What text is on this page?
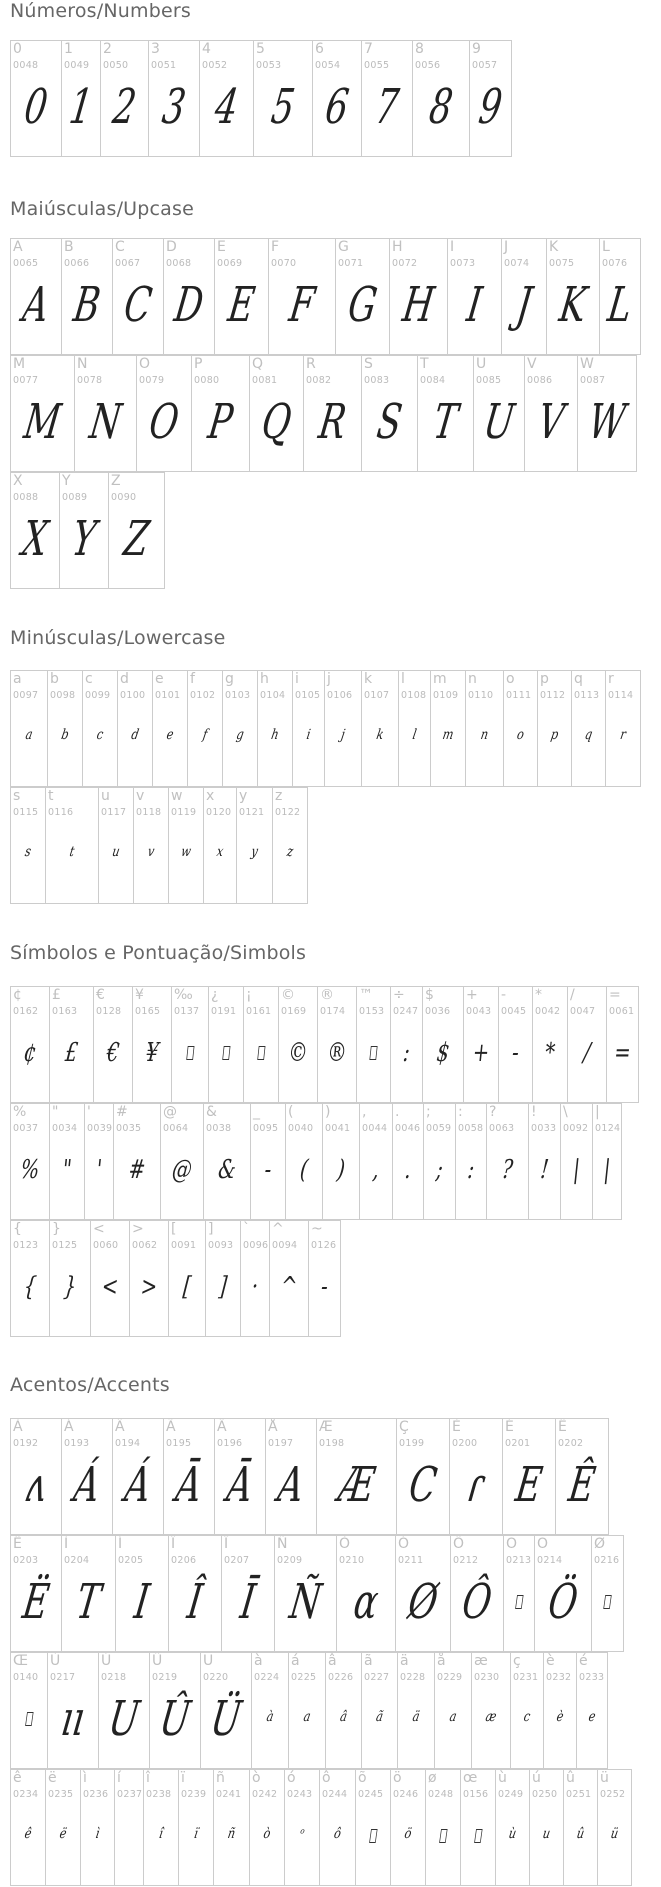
Números/Numbers
0
0048
0
1
0049
1
2
0050
2
3
0051
3
4
0052
4
5
0053
5
6
0054
6
7
0055
7
8
0056
8
9
0057
9
Maiúsculas/Upcase
A
0065
A
B
0066
B
C
0067
C
D
0068
D
E
0069
E
F
0070
F
G
0071
G
H
0072
H
I
0073
I
J
0074
J
K
0075
K
L
0076
L
M
0077
M
N
0078
N
O
0079
O
P
0080
P
Q
0081
Q
R
0082
R
S
0083
S
T
0084
T
U
0085
U
V
0086
V
W
0087
W
X
0088
X
Y
0089
Y
Z
0090
Z
Minúsculas/Lowercase
a
0097
a
b
0098
b
c
0099
c
d
0100
d
e
0101
e
f
0102
f
g
0103
g
h
0104
h
i
0105
i
j
0106
j
k
0107
k
l
0108
l
m
0109
m
n
0110
n
o
0111
o
p
0112
p
q
0113
q
r
0114
r
s
0115
s
t
0116
t
u
0117
u
v
0118
v
w
0119
w
x
0120
x
y
0121
y
z
0122
z
Símbolos e Pontuação/Simbols
¢
0162
¢
£
0163
£
€
0128
€
¥
0165
¥
‰
0137
¿
0191
¡
0161
©
0169
©
®
0174
®
™
0153
÷
0247
:
$
0036
$
+
0043
+
-
0045
-
*
0042
*
/
0047
/
=
0061
=
%
0037
%
"
0034
"
'
0039
'
#
0035
#
@
0064
@
&
0038
&
_
0095
-
(
0040
(
)
0041
)
,
0044
,
.
0046
.
;
0059
;
:
0058
:
?
0063
?
!
0033
!
\
0092
|
|
0124
|
{
0123
{
}
0125
}
<
0060
<
>
0062
>
[
0091
[
]
0093
]
`
0096
·
^
0094
^
~
0126
-
Acentos/Accents
À
0192
ʌ
Á
0193
Á
Â
0194
Á
Ã
0195
Ā
Ä
0196
Ā
Å
0197
A
Æ
0198
Æ
Ç
0199
C
È
0200
ɾ
É
0201
E
Ê
0202
Ê
Ë
0203
Ë
Ì
0204
T
Í
0205
I
Î
0206
Î
Ï
0207
Ī
Ñ
0209
Ñ
Ò
0210
ɑ
Ó
0211
Ø
Ô
0212
Ô
Õ
0213
Ö
0214
Ö
Ø
0216
Œ
0140
Ù
0217
ıı
Ú
0218
U
Û
0219
Û
Ü
0220
Ü
à
0224
à
á
0225
a
â
0226
â
ã
0227
ã
ä
0228
ä
å
0229
a
æ
0230
æ
ç
0231
c
è
0232
è
é
0233
e
ê
0234
ê
ë
0235
ë
ì
0236
ì
í
0237
î
0238
î
ï
0239
ï
ñ
0241
ñ
ò
0242
ò
ó
0243
ᵒ
ô
0244
ô
õ
0245
ö
0246
ö
ø
0248
œ
0156
ù
0249
ù
ú
0250
u
û
0251
û
ü
0252
ü
